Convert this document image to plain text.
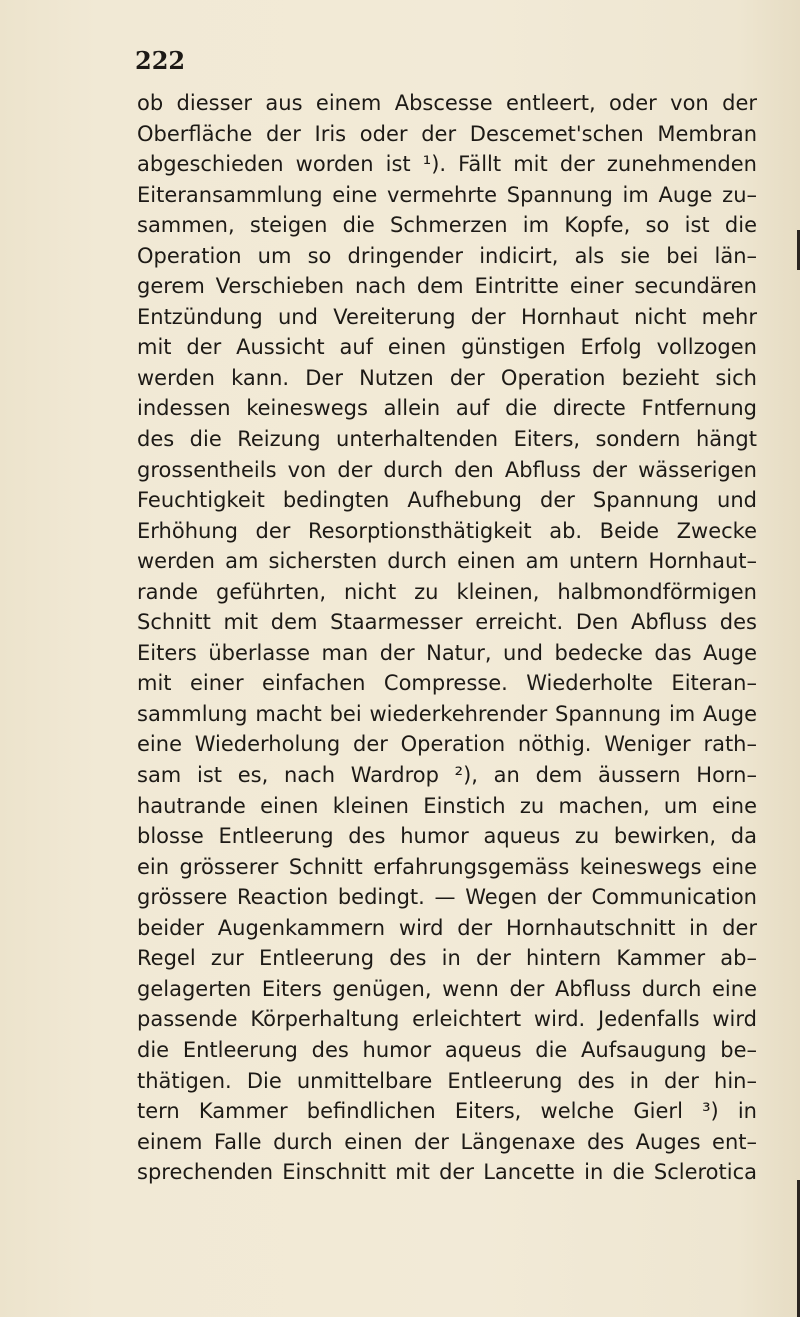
222
ob diesser aus einem Abscesse entleert, oder von der
Oberfläche der Iris oder der Descemet'schen Membran
abgeschieden worden ist ¹). Fällt mit der zunehmenden
Eiteransammlung eine vermehrte Spannung im Auge zu–
sammen, steigen die Schmerzen im Kopfe, so ist die
Operation um so dringender indicirt, als sie bei län–
gerem Verschieben nach dem Eintritte einer secundären
Entzündung und Vereiterung der Hornhaut nicht mehr
mit der Aussicht auf einen günstigen Erfolg vollzogen
werden kann. Der Nutzen der Operation bezieht sich
indessen keineswegs allein auf die directe Fntfernung
des die Reizung unterhaltenden Eiters, sondern hängt
grossentheils von der durch den Abfluss der wässerigen
Feuchtigkeit bedingten Aufhebung der Spannung und
Erhöhung der Resorptionsthätigkeit ab. Beide Zwecke
werden am sichersten durch einen am untern Hornhaut–
rande geführten, nicht zu kleinen, halbmondförmigen
Schnitt mit dem Staarmesser erreicht. Den Abfluss des
Eiters überlasse man der Natur, und bedecke das Auge
mit einer einfachen Compresse. Wiederholte Eiteran–
sammlung macht bei wiederkehrender Spannung im Auge
eine Wiederholung der Operation nöthig. Weniger rath–
sam ist es, nach Wardrop ²), an dem äussern Horn–
hautrande einen kleinen Einstich zu machen, um eine
blosse Entleerung des humor aqueus zu bewirken, da
ein grösserer Schnitt erfahrungsgemäss keineswegs eine
grössere Reaction bedingt. — Wegen der Communication
beider Augenkammern wird der Hornhautschnitt in der
Regel zur Entleerung des in der hintern Kammer ab–
gelagerten Eiters genügen, wenn der Abfluss durch eine
passende Körperhaltung erleichtert wird. Jedenfalls wird
die Entleerung des humor aqueus die Aufsaugung be–
thätigen. Die unmittelbare Entleerung des in der hin–
tern Kammer befindlichen Eiters, welche Gierl ³) in
einem Falle durch einen der Längenaxe des Auges ent–
sprechenden Einschnitt mit der Lancette in die Sclerotica
